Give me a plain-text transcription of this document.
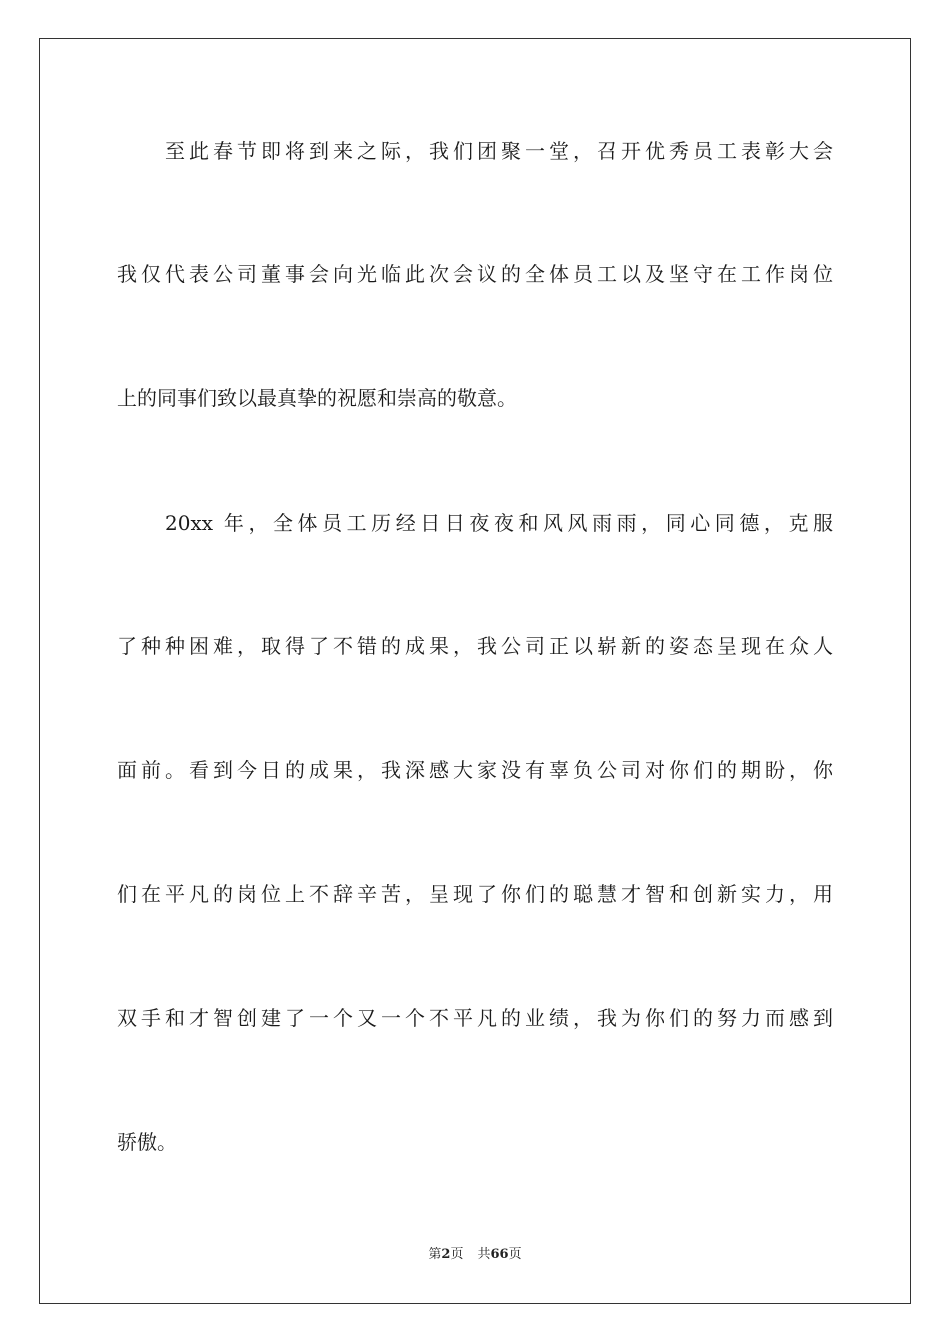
至此春节即将到来之际，我们团聚一堂，召开优秀员工表彰大会
我仅代表公司董事会向光临此次会议的全体员工以及坚守在工作岗位
上的同事们致以最真挚的祝愿和崇高的敬意。
20xx 年，全体员工历经日日夜夜和风风雨雨，同心同德，克服
了种种困难，取得了不错的成果，我公司正以崭新的姿态呈现在众人
面前。看到今日的成果，我深感大家没有辜负公司对你们的期盼，你
们在平凡的岗位上不辞辛苦，呈现了你们的聪慧才智和创新实力，用
双手和才智创建了一个又一个不平凡的业绩，我为你们的努力而感到
骄傲。
第2页 共66页
